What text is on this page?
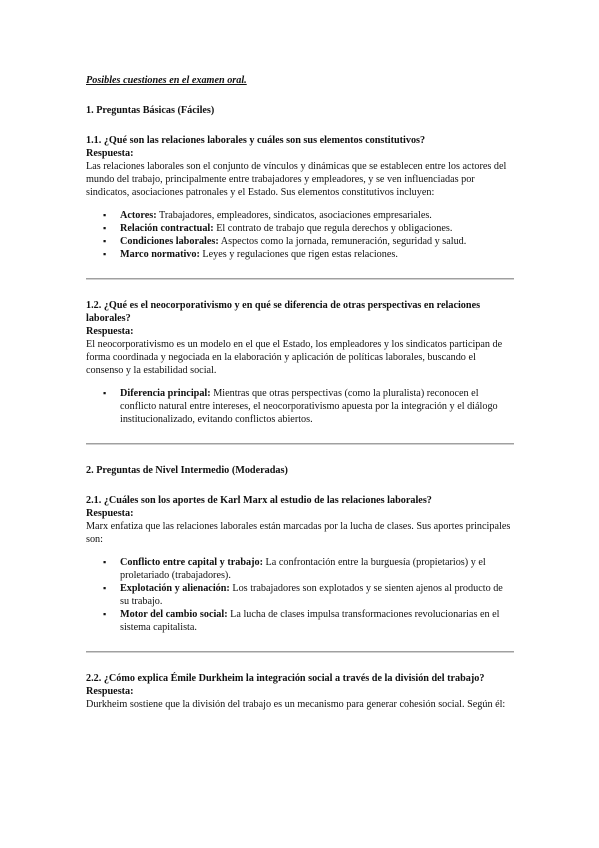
Posibles cuestiones en el examen oral.

1. Preguntas Básicas (Fáciles)

1.1. ¿Qué son las relaciones laborales y cuáles son sus elementos constitutivos?

Respuesta:

Las relaciones laborales son el conjunto de vínculos y dinámicas que se establecen entre los actores del mundo del trabajo, principalmente entre trabajadores y empleadores, y se ven influenciadas por sindicatos, asociaciones patronales y el Estado. Sus elementos constitutivos incluyen:

▪ Actores: Trabajadores, empleadores, sindicatos, asociaciones empresariales.
▪ Relación contractual: El contrato de trabajo que regula derechos y obligaciones.
▪ Condiciones laborales: Aspectos como la jornada, remuneración, seguridad y salud.
▪ Marco normativo: Leyes y regulaciones que rigen estas relaciones.

1.2. ¿Qué es el neocorporativismo y en qué se diferencia de otras perspectivas en relaciones laborales?

Respuesta:

El neocorporativismo es un modelo en el que el Estado, los empleadores y los sindicatos participan de forma coordinada y negociada en la elaboración y aplicación de políticas laborales, buscando el consenso y la estabilidad social.

▪ Diferencia principal: Mientras que otras perspectivas (como la pluralista) reconocen el conflicto natural entre intereses, el neocorporativismo apuesta por la integración y el diálogo institucionalizado, evitando conflictos abiertos.

2. Preguntas de Nivel Intermedio (Moderadas)

2.1. ¿Cuáles son los aportes de Karl Marx al estudio de las relaciones laborales?

Respuesta:

Marx enfatiza que las relaciones laborales están marcadas por la lucha de clases. Sus aportes principales son:

▪ Conflicto entre capital y trabajo: La confrontación entre la burguesía (propietarios) y el proletariado (trabajadores).
▪ Explotación y alienación: Los trabajadores son explotados y se sienten ajenos al producto de su trabajo.
▪ Motor del cambio social: La lucha de clases impulsa transformaciones revolucionarias en el sistema capitalista.

2.2. ¿Cómo explica Émile Durkheim la integración social a través de la división del trabajo?

Respuesta:

Durkheim sostiene que la división del trabajo es un mecanismo para generar cohesión social. Según él:
